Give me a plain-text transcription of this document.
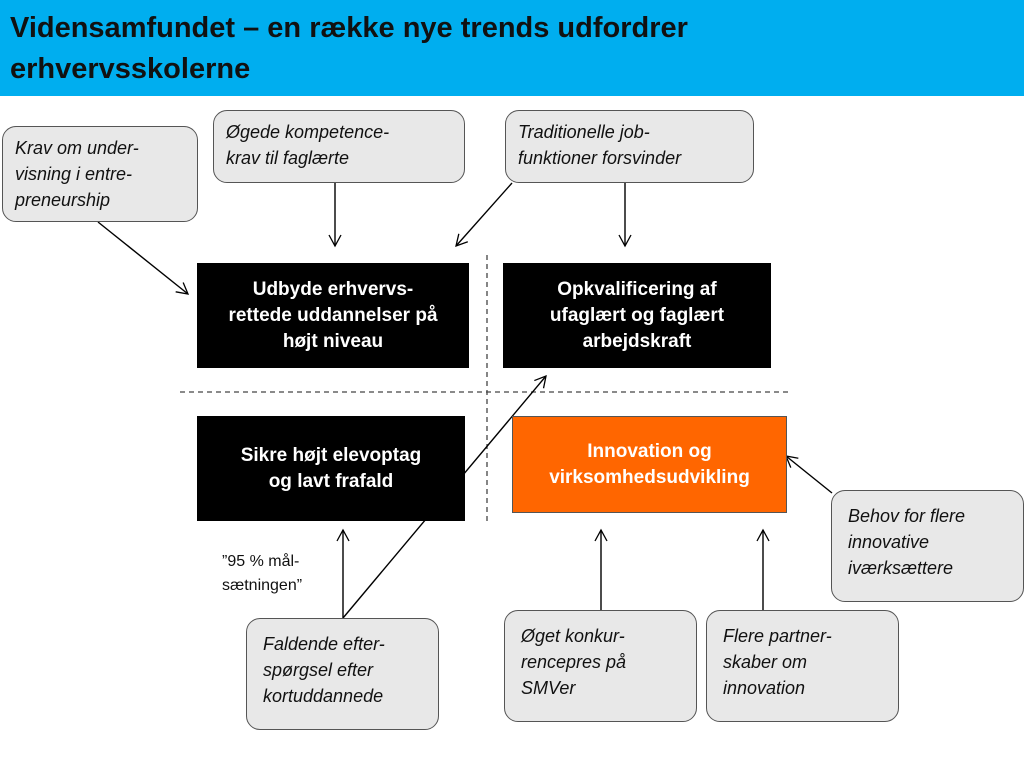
Vidensamfundet – en række nye trends udfordrer
erhvervsskolerne
Udbyde erhvervs-
rettede uddannelser på
højt niveau
Opkvalificering af
ufaglært og faglært
arbejdskraft
Sikre højt elevoptag
og lavt frafald
Innovation og
virksomhedsudvikling
Krav om under-
visning i entre-
preneurship
Øgede kompetence-
krav til faglærte
Traditionelle job-
funktioner forsvinder
Behov for flere
innovative
iværksættere
Faldende efter-
spørgsel efter
kortuddannede
Øget konkur-
rencepres på
SMVer
Flere partner-
skaber om
innovation
”95 % mål-
sætningen”
